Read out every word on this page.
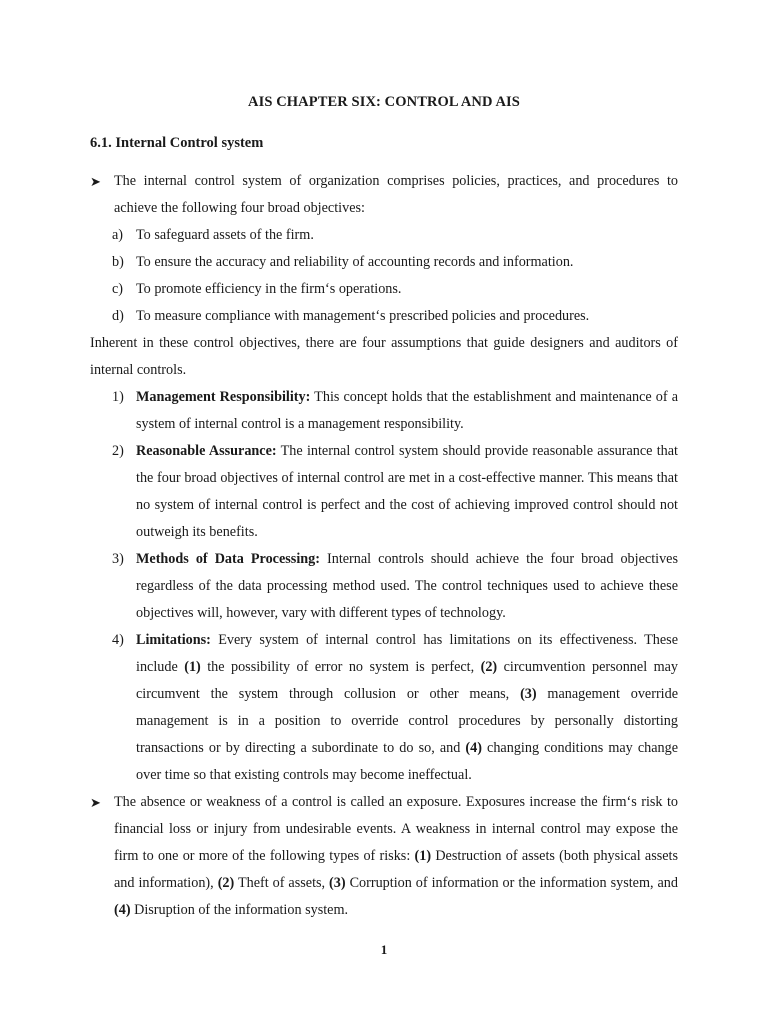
AIS CHAPTER SIX: CONTROL AND AIS
6.1. Internal Control system
➤ The internal control system of organization comprises policies, practices, and procedures to achieve the following four broad objectives:
a) To safeguard assets of the firm.
b) To ensure the accuracy and reliability of accounting records and information.
c) To promote efficiency in the firm‘s operations.
d) To measure compliance with management‘s prescribed policies and procedures.
Inherent in these control objectives, there are four assumptions that guide designers and auditors of internal controls.
1) Management Responsibility: This concept holds that the establishment and maintenance of a system of internal control is a management responsibility.
2) Reasonable Assurance: The internal control system should provide reasonable assurance that the four broad objectives of internal control are met in a cost-effective manner. This means that no system of internal control is perfect and the cost of achieving improved control should not outweigh its benefits.
3) Methods of Data Processing: Internal controls should achieve the four broad objectives regardless of the data processing method used. The control techniques used to achieve these objectives will, however, vary with different types of technology.
4) Limitations: Every system of internal control has limitations on its effectiveness. These include (1) the possibility of error no system is perfect, (2) circumvention personnel may circumvent the system through collusion or other means, (3) management override management is in a position to override control procedures by personally distorting transactions or by directing a subordinate to do so, and (4) changing conditions may change over time so that existing controls may become ineffectual.
➤ The absence or weakness of a control is called an exposure. Exposures increase the firm‘s risk to financial loss or injury from undesirable events. A weakness in internal control may expose the firm to one or more of the following types of risks: (1) Destruction of assets (both physical assets and information), (2) Theft of assets, (3) Corruption of information or the information system, and (4) Disruption of the information system.
1
